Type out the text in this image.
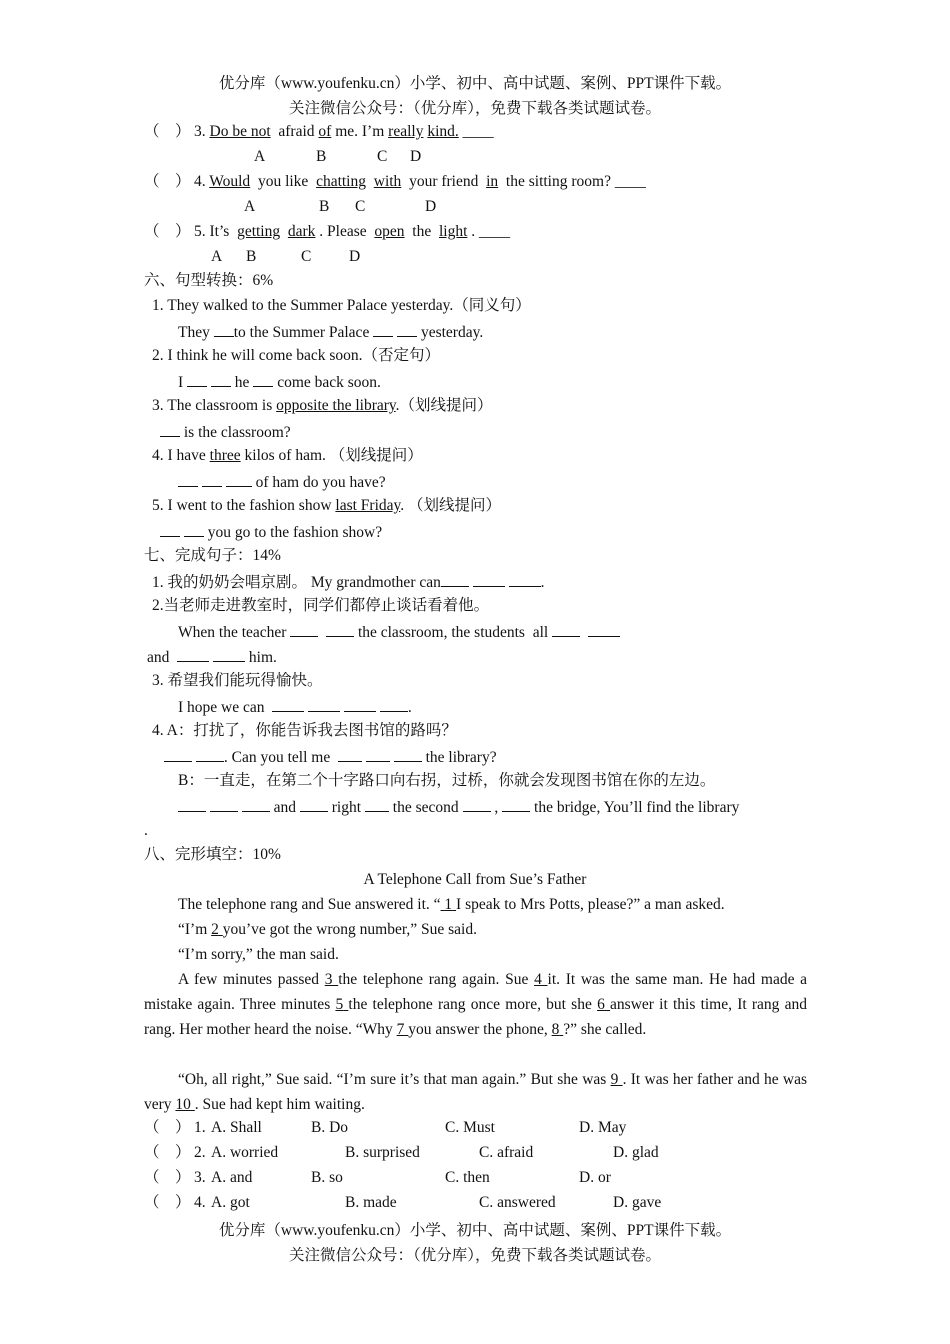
优分库（www.youfenku.cn）小学、初中、高中试题、案例、PPT课件下载。
关注微信公众号：（优分库），免费下载各类试题试卷。
（    ） 3. Do be not afraid of me. I’m really kind. ____
A	B	C D
（    ） 4. Would you like chatting with your friend in the sitting room? ____
A	B C	D
（    ） 5. It’s getting dark . Please open the light . ____
A B	C D
六、句型转换：6%
1. They walked to the Summer Palace yesterday.（同义句）
They to the Summer Palace	yesterday.
2. I think he will come back soon.（否定句）
I	he  come back soon.
3. The classroom is opposite the library.（划线提问）
is the classroom?
4. I have three kilos of ham. （划线提问）
of ham do you have?
5. I went to the fashion show last Friday. （划线提问）
you go to the fashion show?
七、完成句子：14%
1. 我的奶奶会唱京剧。 My grandmother can	.
2.当老师走进教室时，同学们都停止谈话看着他。
When the teacher	the classroom, the students  all
and	him.
3. 希望我们能玩得愉快。
I hope we can	.
4. A：打扰了，你能告诉我去图书馆的路吗？
. Can you tell me	the library?
B：一直走，在第二个十字路口向右拐，过桥，你就会发现图书馆在你的左边。
and  right  the second  ,  the bridge, You’ll find the library
.
八、完形填空：10%
A Telephone Call from Sue’s Father
The telephone rang and Sue answered it. “ 1 I speak to Mrs Potts, please?” a man asked.
“I’m 2 you’ve got the wrong number,” Sue said.
“I’m sorry,” the man said.
A few minutes passed 3 the telephone rang again. Sue 4 it. It was the same man. He had made a mistake again. Three minutes 5 the telephone rang once more, but she 6 answer it this time, It rang and rang. Her mother heard the noise. “Why 7 you answer the phone, 8 ?” she called.
“Oh, all right,” Sue said. “I’m sure it’s that man again.” But she was 9 . It was her father and he was very 10 . Sue had kept him waiting.
（    ） 1. A. Shall	B. Do	C. Must	D. May
（    ） 2. A. worried	B. surprised	C. afraid	D. glad
（    ） 3. A. and	B. so	C. then	D. or
（    ） 4. A. got	B. made	C. answered	D. gave
优分库（www.youfenku.cn）小学、初中、高中试题、案例、PPT课件下载。
关注微信公众号：（优分库），免费下载各类试题试卷。
